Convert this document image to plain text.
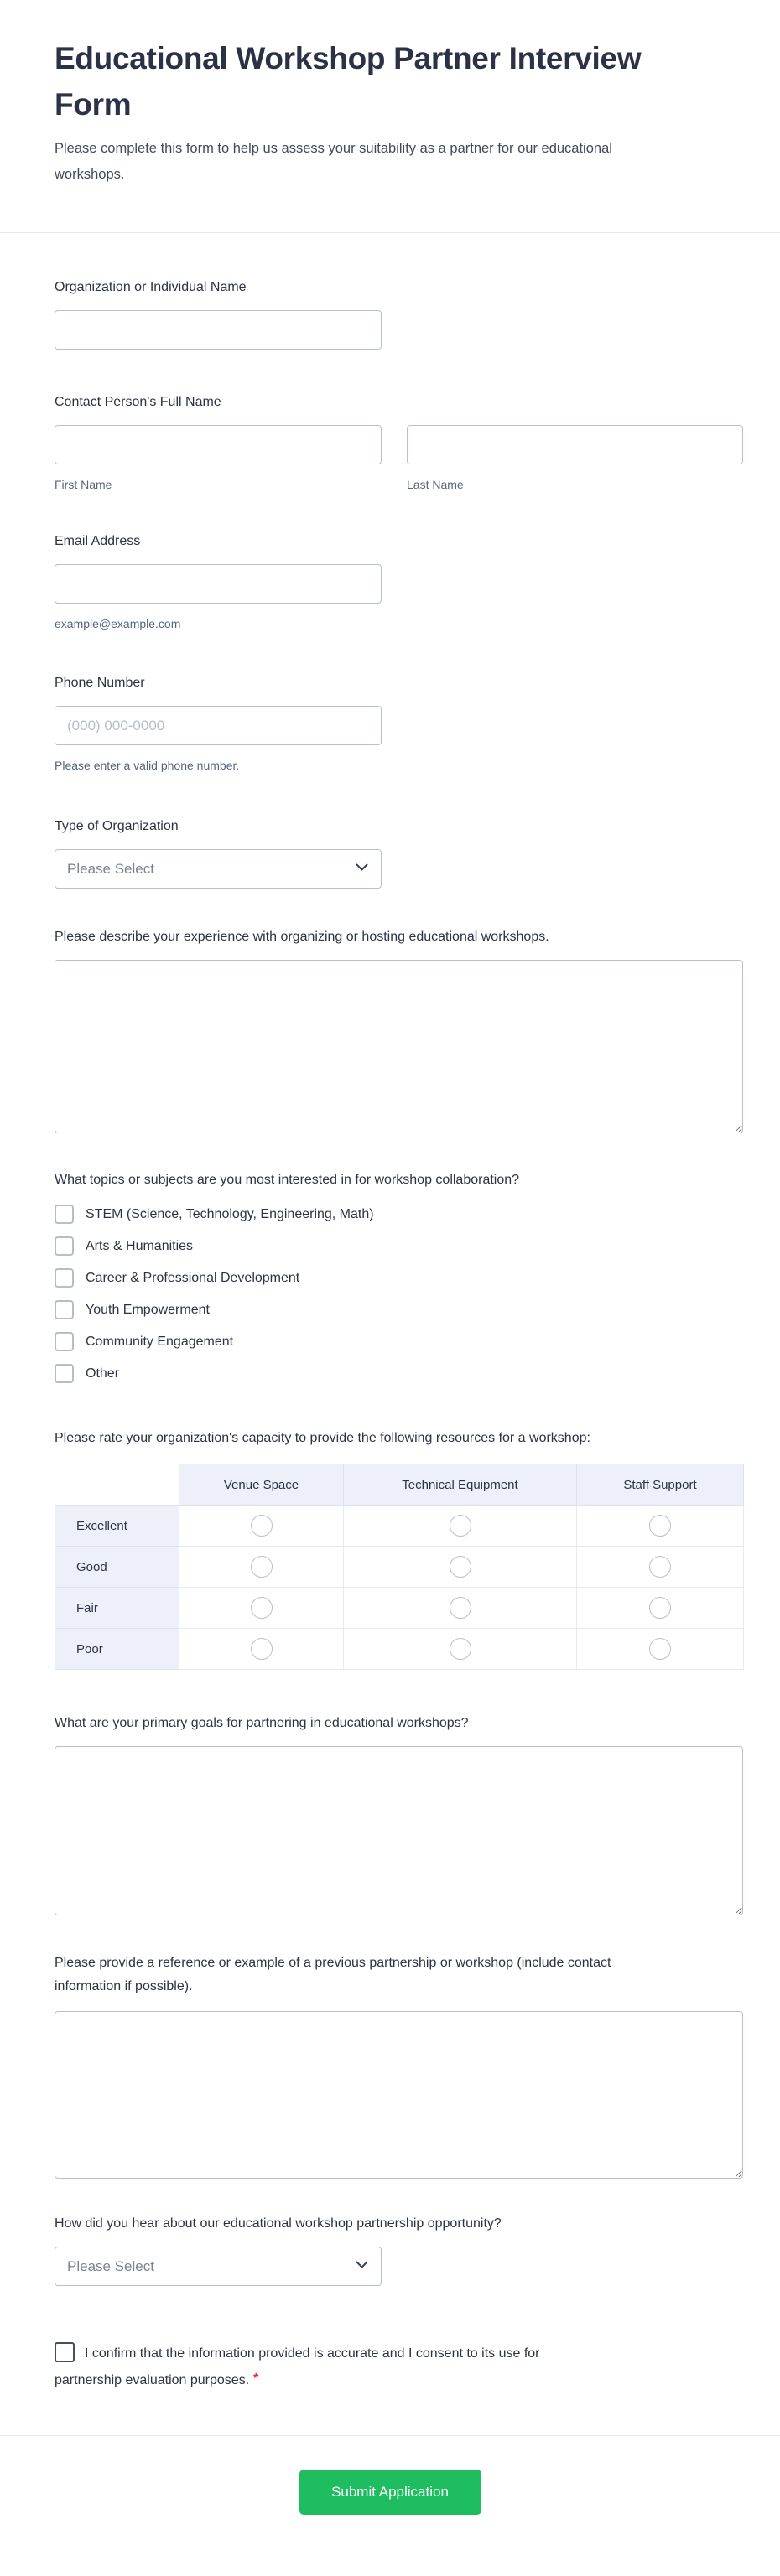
Educational Workshop Partner Interview Form
Please complete this form to help us assess your suitability as a partner for our educational workshops.
Organization or Individual Name
Contact Person's Full Name
First Name	Last Name
Email Address
example@example.com
Phone Number
(000) 000-0000
Please enter a valid phone number.
Type of Organization
Please Select
Please describe your experience with organizing or hosting educational workshops.
What topics or subjects are you most interested in for workshop collaboration?
STEM (Science, Technology, Engineering, Math)
Arts & Humanities
Career & Professional Development
Youth Empowerment
Community Engagement
Other
Please rate your organization's capacity to provide the following resources for a workshop:
	Venue Space	Technical Equipment	Staff Support
Excellent			
Good			
Fair			
Poor			
What are your primary goals for partnering in educational workshops?
Please provide a reference or example of a previous partnership or workshop (include contact information if possible).
How did you hear about our educational workshop partnership opportunity?
Please Select
I confirm that the information provided is accurate and I consent to its use for partnership evaluation purposes. *
Submit Application
